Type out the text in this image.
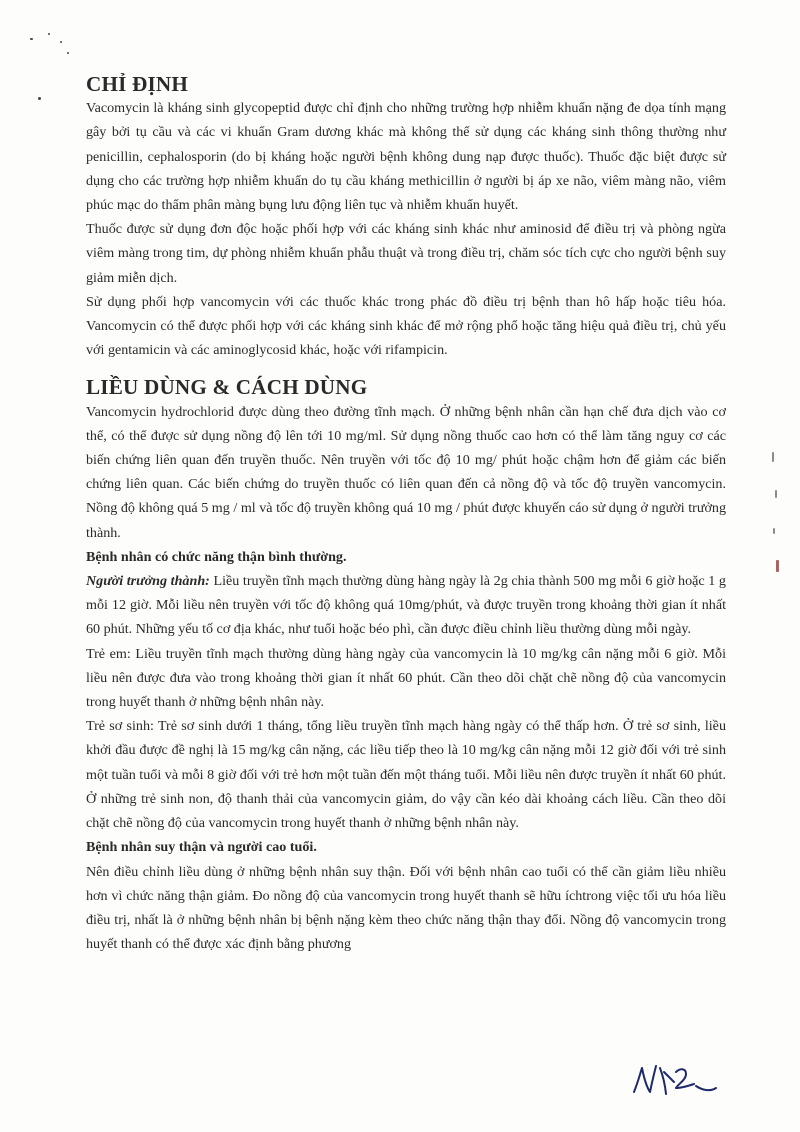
CHỈ ĐỊNH

Vacomycin là kháng sinh glycopeptid được chỉ định cho những trường hợp nhiễm khuẩn nặng đe dọa tính mạng gây bởi tụ cầu và các vi khuẩn Gram dương khác mà không thể sử dụng các kháng sinh thông thường như penicillin, cephalosporin (do bị kháng hoặc người bệnh không dung nạp được thuốc). Thuốc đặc biệt được sử dụng cho các trường hợp nhiễm khuẩn do tụ cầu kháng methicillin ở người bị áp xe não, viêm màng não, viêm phúc mạc do thẩm phân màng bụng lưu động liên tục và nhiễm khuẩn huyết.

Thuốc được sử dụng đơn độc hoặc phối hợp với các kháng sinh khác như aminosid để điều trị và phòng ngừa viêm màng trong tim, dự phòng nhiễm khuẩn phẫu thuật và trong điều trị, chăm sóc tích cực cho người bệnh suy giảm miễn dịch.

Sử dụng phối hợp vancomycin với các thuốc khác trong phác đồ điều trị bệnh than hô hấp hoặc tiêu hóa. Vancomycin có thể được phối hợp với các kháng sinh khác để mở rộng phổ hoặc tăng hiệu quả điều trị, chủ yếu với gentamicin và các aminoglycosid khác, hoặc với rifampicin.

LIỀU DÙNG & CÁCH DÙNG

Vancomycin hydrochlorid được dùng theo đường tĩnh mạch. Ở những bệnh nhân cần hạn chế đưa dịch vào cơ thể, có thể được sử dụng nồng độ lên tới 10 mg/ml. Sử dụng nồng thuốc cao hơn có thể làm tăng nguy cơ các biến chứng liên quan đến truyền thuốc. Nên truyền với tốc độ 10 mg/ phút hoặc chậm hơn để giảm các biến chứng liên quan. Các biến chứng do truyền thuốc có liên quan đến cả nồng độ và tốc độ truyền vancomycin. Nồng độ không quá 5 mg / ml và tốc độ truyền không quá 10 mg / phút được khuyến cáo sử dụng ở người trưởng thành.

Bệnh nhân có chức năng thận bình thường.

Người trưởng thành: Liều truyền tĩnh mạch thường dùng hàng ngày là 2g chia thành 500 mg mỗi 6 giờ hoặc 1 g mỗi 12 giờ. Mỗi liều nên truyền với tốc độ không quá 10mg/phút, và được truyền trong khoảng thời gian ít nhất 60 phút. Những yếu tố cơ địa khác, như tuổi hoặc béo phì, cần được điều chỉnh liều thường dùng mỗi ngày.

Trẻ em: Liều truyền tĩnh mạch thường dùng hàng ngày của vancomycin là 10 mg/kg cân nặng mỗi 6 giờ. Mỗi liều nên được đưa vào trong khoảng thời gian ít nhất 60 phút. Cần theo dõi chặt chẽ nồng độ của vancomycin trong huyết thanh ở những bệnh nhân này.

Trẻ sơ sinh: Trẻ sơ sinh dưới 1 tháng, tổng liều truyền tĩnh mạch hàng ngày có thể thấp hơn. Ở trẻ sơ sinh, liều khởi đầu được đề nghị là 15 mg/kg cân nặng, các liều tiếp theo là 10 mg/kg cân nặng mỗi 12 giờ đối với trẻ sinh một tuần tuổi và mỗi 8 giờ đối với trẻ hơn một tuần đến một tháng tuổi. Mỗi liều nên được truyền ít nhất 60 phút. Ở những trẻ sinh non, độ thanh thải của vancomycin giảm, do vậy cần kéo dài khoảng cách liều. Cần theo dõi chặt chẽ nồng độ của vancomycin trong huyết thanh ở những bệnh nhân này.

Bệnh nhân suy thận và người cao tuổi.

Nên điều chỉnh liều dùng ở những bệnh nhân suy thận. Đối với bệnh nhân cao tuổi có thể cần giảm liều nhiều hơn vì chức năng thận giảm. Đo nồng độ của vancomycin trong huyết thanh sẽ hữu íchtrong việc tối ưu hóa liều điều trị, nhất là ở những bệnh nhân bị bệnh nặng kèm theo chức năng thận thay đổi. Nồng độ vancomycin trong huyết thanh có thể được xác định bằng phương
